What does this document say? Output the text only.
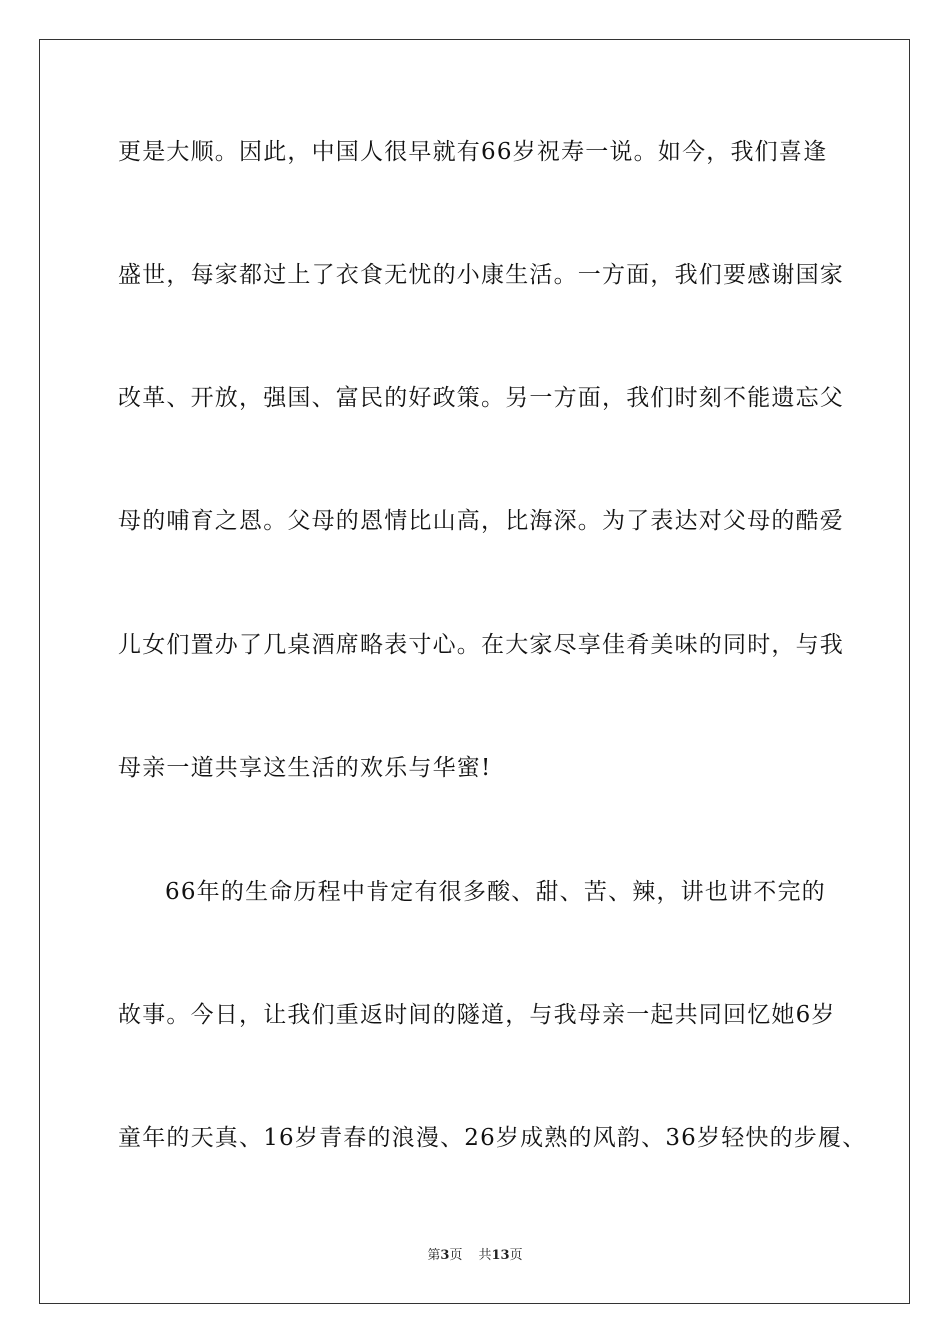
更是大顺。因此，中国人很早就有66岁祝寿一说。如今，我们喜逢
盛世，每家都过上了衣食无忧的小康生活。一方面，我们要感谢国家
改革、开放，强国、富民的好政策。另一方面，我们时刻不能遗忘父
母的哺育之恩。父母的恩情比山高，比海深。为了表达对父母的酷爱
儿女们置办了几桌酒席略表寸心。在大家尽享佳肴美味的同时，与我
母亲一道共享这生活的欢乐与华蜜!
66年的生命历程中肯定有很多酸、甜、苦、辣，讲也讲不完的
故事。今日，让我们重返时间的隧道，与我母亲一起共同回忆她6岁
童年的天真、16岁青春的浪漫、26岁成熟的风韵、36岁轻快的步履、
第3页 共13页
